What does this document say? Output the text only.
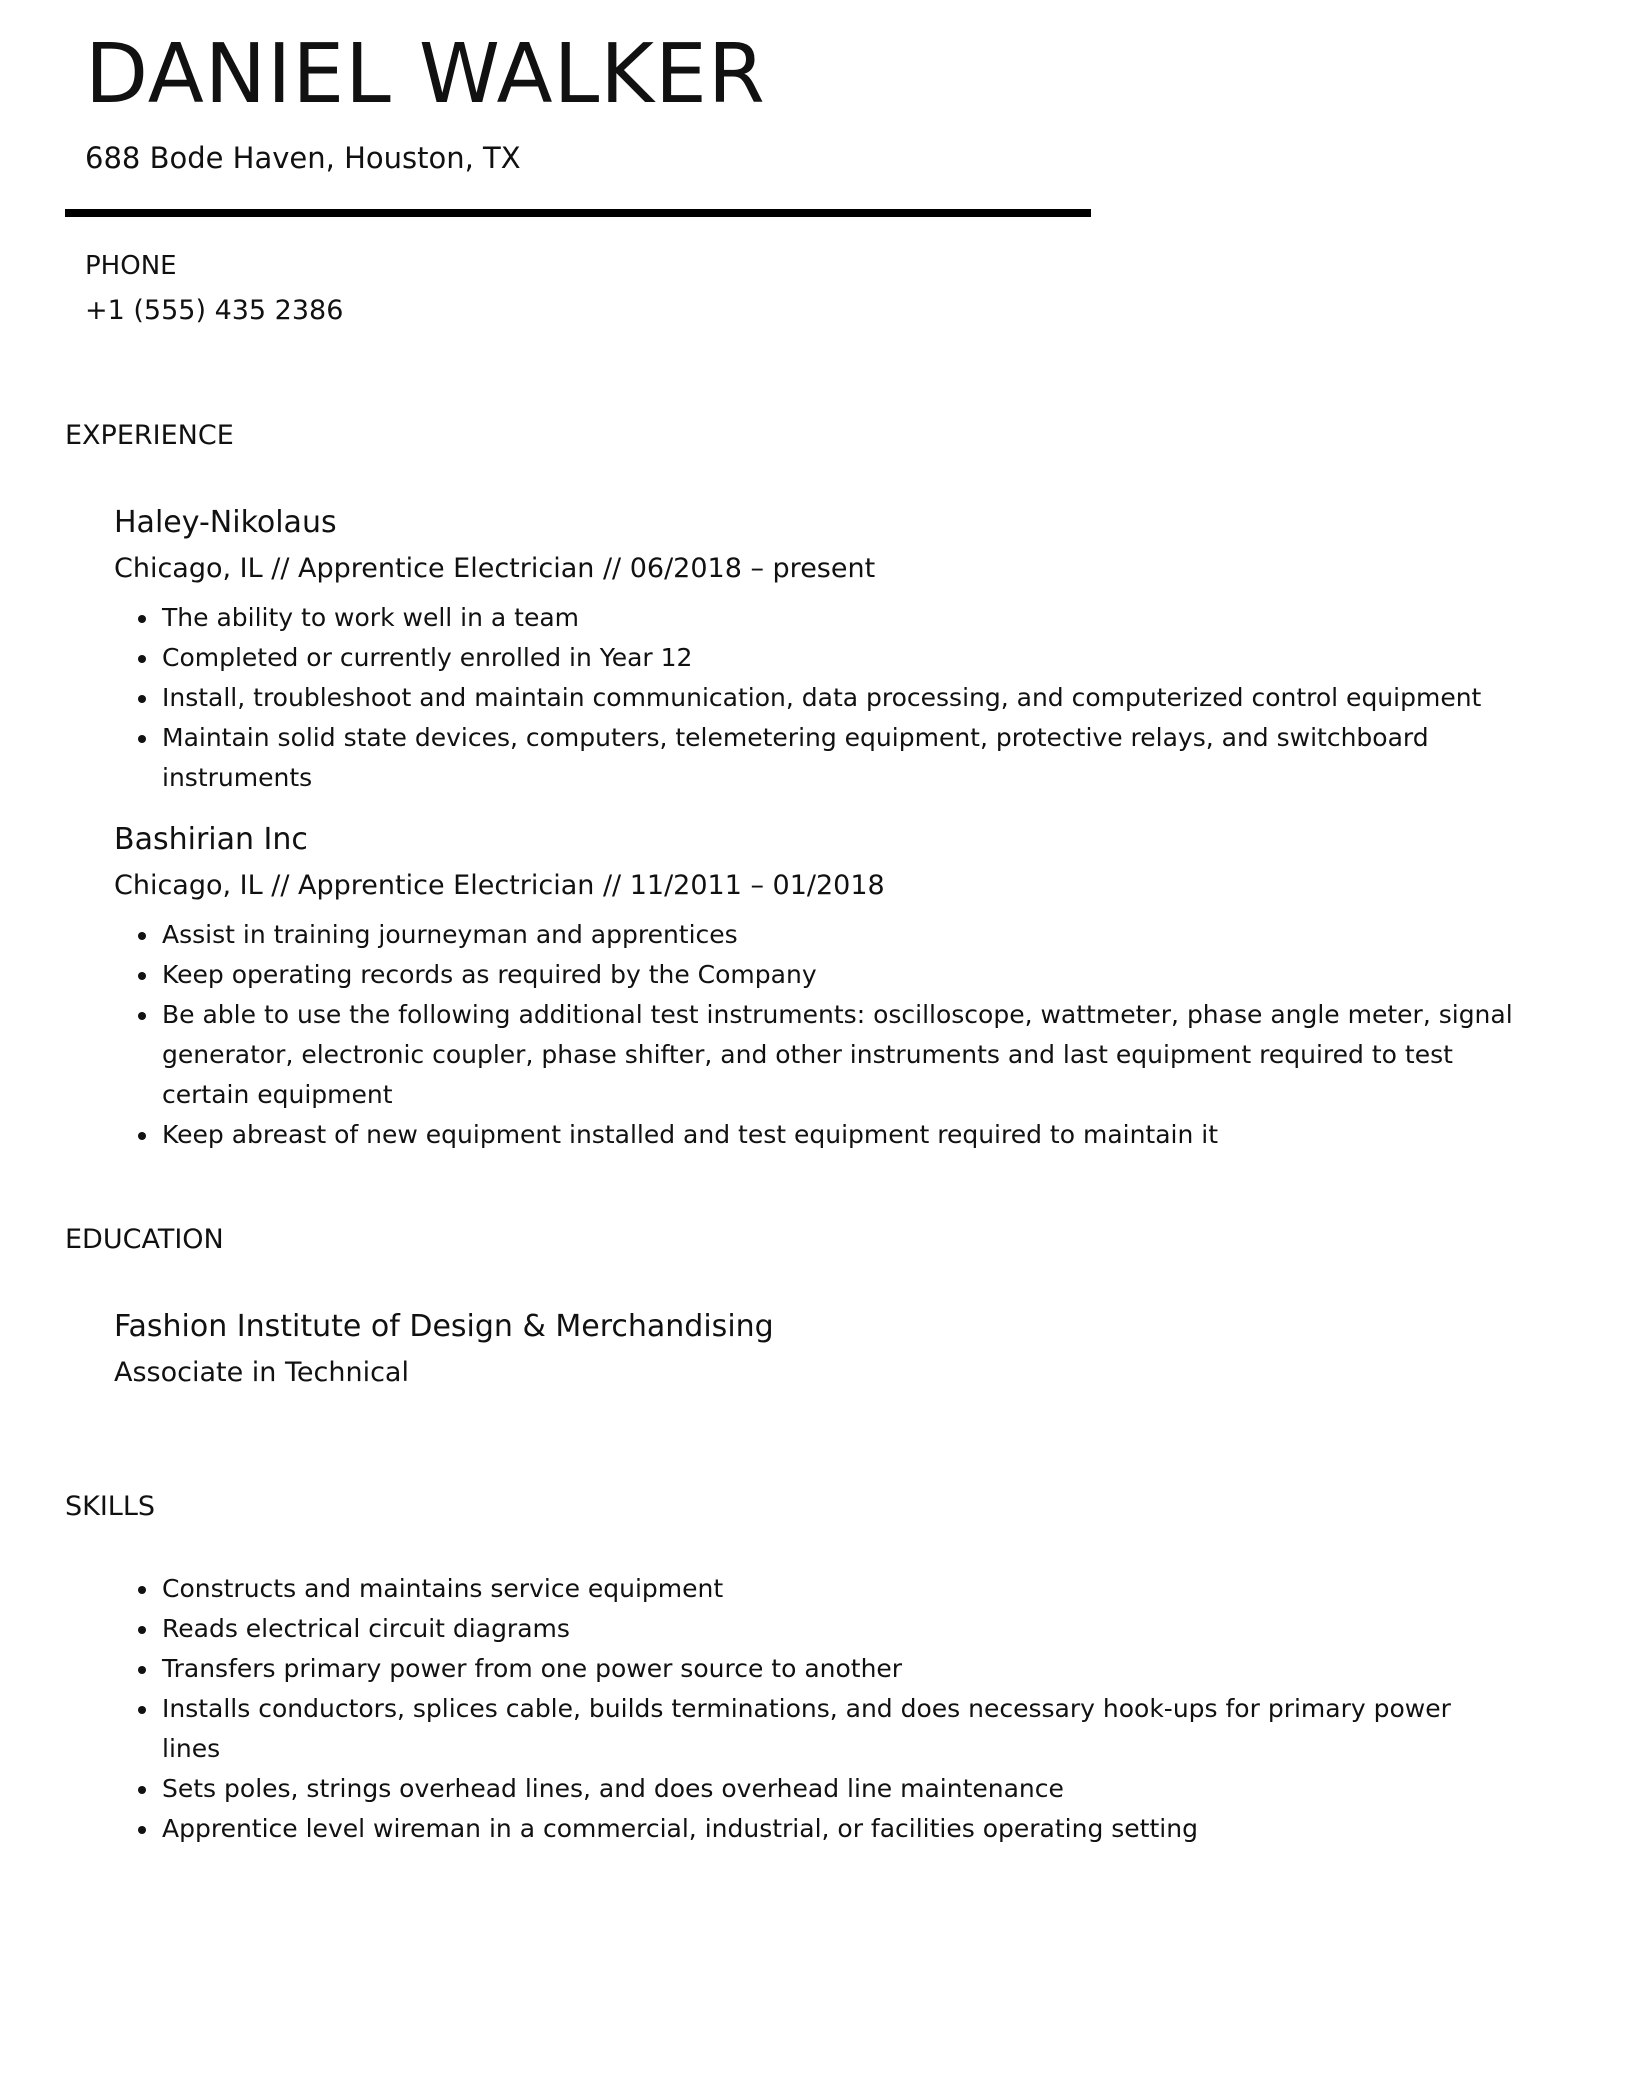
DANIEL WALKER
688 Bode Haven, Houston, TX
PHONE
+1 (555) 435 2386
EXPERIENCE
Haley-Nikolaus
Chicago, IL // Apprentice Electrician // 06/2018 – present
The ability to work well in a team
Completed or currently enrolled in Year 12
Install, troubleshoot and maintain communication, data processing, and computerized control equipment
Maintain solid state devices, computers, telemetering equipment, protective relays, and switchboard instruments
Bashirian Inc
Chicago, IL // Apprentice Electrician // 11/2011 – 01/2018
Assist in training journeyman and apprentices
Keep operating records as required by the Company
Be able to use the following additional test instruments: oscilloscope, wattmeter, phase angle meter, signal generator, electronic coupler, phase shifter, and other instruments and last equipment required to test certain equipment
Keep abreast of new equipment installed and test equipment required to maintain it
EDUCATION
Fashion Institute of Design & Merchandising
Associate in Technical
SKILLS
Constructs and maintains service equipment
Reads electrical circuit diagrams
Transfers primary power from one power source to another
Installs conductors, splices cable, builds terminations, and does necessary hook-ups for primary power lines
Sets poles, strings overhead lines, and does overhead line maintenance
Apprentice level wireman in a commercial, industrial, or facilities operating setting
